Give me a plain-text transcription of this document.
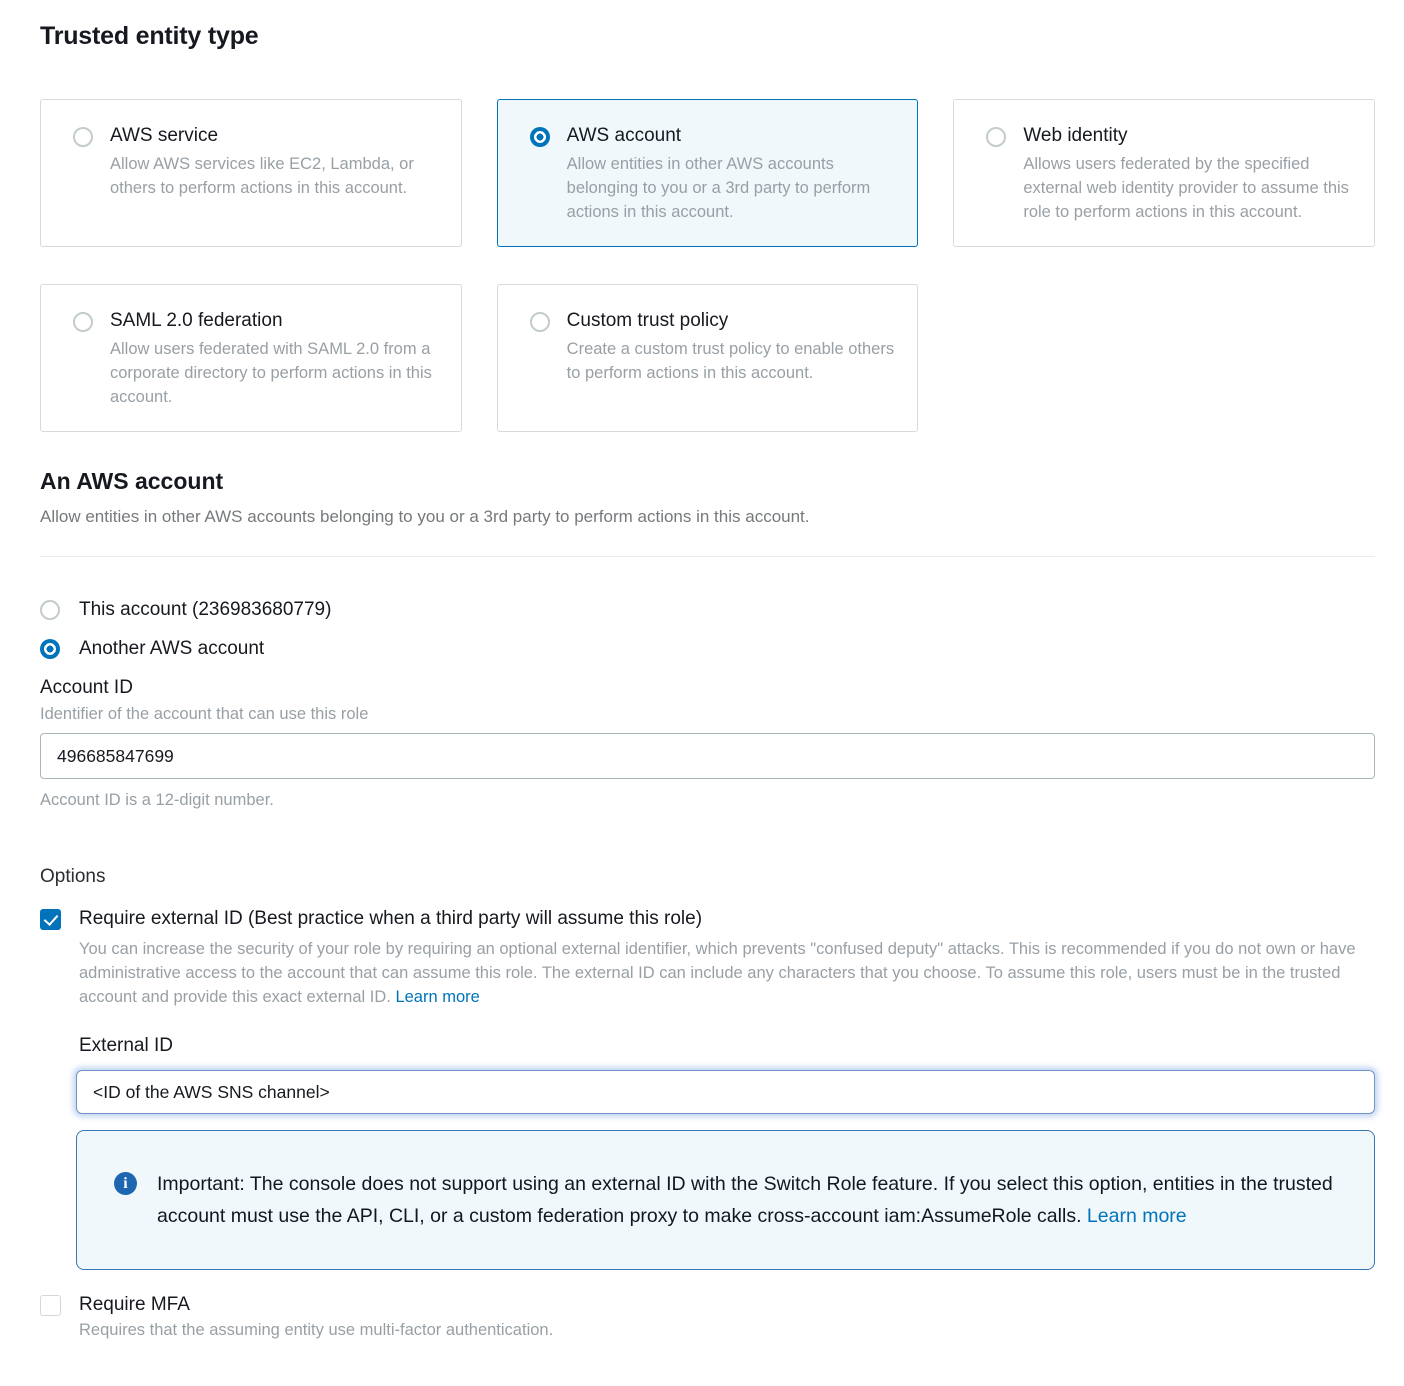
Trusted entity type
AWS service
Allow AWS services like EC2, Lambda, or others to perform actions in this account.
AWS account
Allow entities in other AWS accounts belonging to you or a 3rd party to perform actions in this account.
Web identity
Allows users federated by the specified external web identity provider to assume this role to perform actions in this account.
SAML 2.0 federation
Allow users federated with SAML 2.0 from a corporate directory to perform actions in this account.
Custom trust policy
Create a custom trust policy to enable others to perform actions in this account.
An AWS account

Allow entities in other AWS accounts belonging to you or a 3rd party to perform actions in this account.

This account (236983680779)
Another AWS account
Account ID
Identifier of the account that can use this role
496685847699
Account ID is a 12-digit number.
Options
Require external ID (Best practice when a third party will assume this role)

You can increase the security of your role by requiring an optional external identifier, which prevents "confused deputy" attacks. This is recommended if you do not own or have administrative access to the account that can assume this role. The external ID can include any characters that you choose. To assume this role, users must be in the trusted account and provide this exact external ID. Learn more

External ID
<ID of the AWS SNS channel>
i	Important: The console does not support using an external ID with the Switch Role feature. If you select this option, entities in the trusted account must use the API, CLI, or a custom federation proxy to make cross-account iam:AssumeRole calls. Learn more

Require MFA
Requires that the assuming entity use multi-factor authentication.
